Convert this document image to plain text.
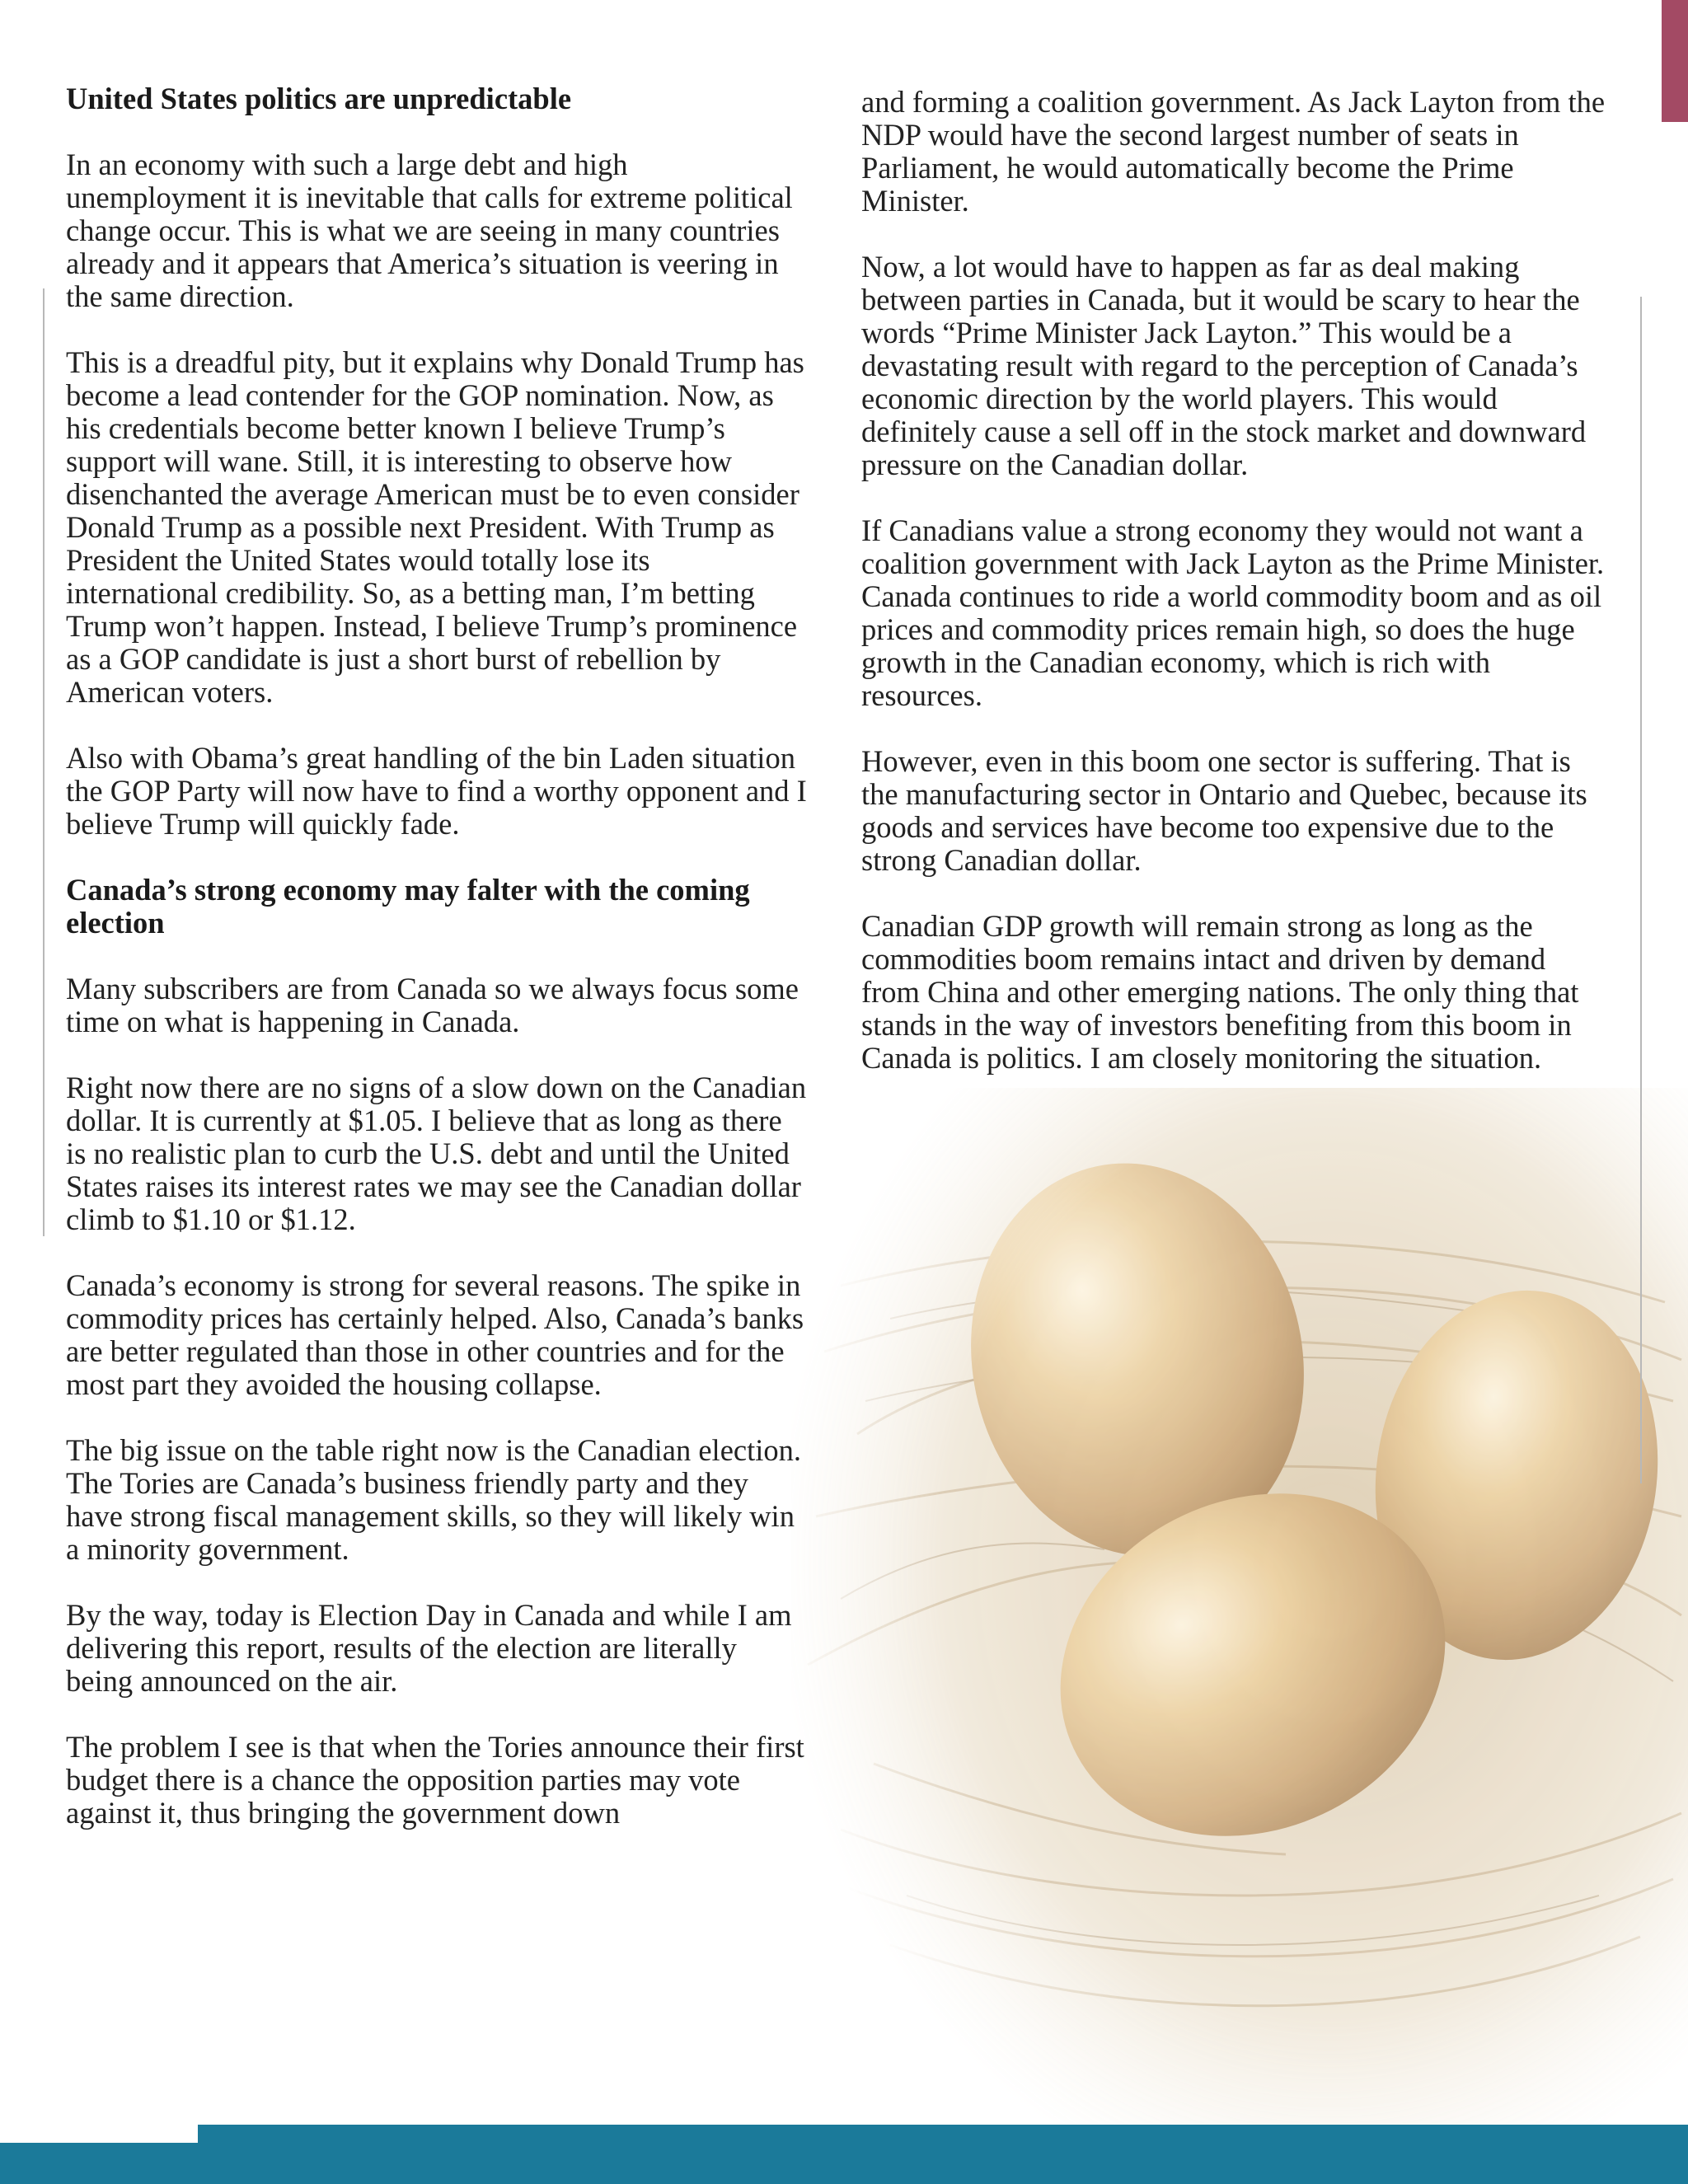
United States politics are unpredictable

In an economy with such a large debt and high unemployment it is inevitable that calls for extreme political change occur. This is what we are seeing in many countries already and it appears that America’s situation is veering in the same direction.

This is a dreadful pity, but it explains why Donald Trump has become a lead contender for the GOP nomination. Now, as his credentials become better known I believe Trump’s support will wane. Still, it is interesting to observe how disenchanted the average American must be to even consider Donald Trump as a possible next President. With Trump as President the United States would totally lose its international credibility. So, as a betting man, I’m betting Trump won’t happen. Instead, I believe Trump’s prominence as a GOP candidate is just a short burst of rebellion by American voters.

Also with Obama’s great handling of the bin Laden situation the GOP Party will now have to find a worthy opponent and I believe Trump will quickly fade.

Canada’s strong economy may falter with the coming election

Many subscribers are from Canada so we always focus some time on what is happening in Canada.

Right now there are no signs of a slow down on the Canadian dollar. It is currently at $1.05. I believe that as long as there is no realistic plan to curb the U.S. debt and until the United States raises its interest rates we may see the Canadian dollar climb to $1.10 or $1.12.

Canada’s economy is strong for several reasons. The spike in commodity prices has certainly helped. Also, Canada’s banks are better regulated than those in other countries and for the most part they avoided the housing collapse.

The big issue on the table right now is the Canadian election. The Tories are Canada’s business friendly party and they have strong fiscal management skills, so they will likely win a minority government.

By the way, today is Election Day in Canada and while I am delivering this report, results of the election are literally being announced on the air.

The problem I see is that when the Tories announce their first budget there is a chance the opposition parties may vote against it, thus bringing the government down

and forming a coalition government. As Jack Layton from the NDP would have the second largest number of seats in Parliament, he would automatically become the Prime Minister.

Now, a lot would have to happen as far as deal making between parties in Canada, but it would be scary to hear the words “Prime Minister Jack Layton.” This would be a devastating result with regard to the perception of Canada’s economic direction by the world players. This would definitely cause a sell off in the stock market and downward pressure on the Canadian dollar.

If Canadians value a strong economy they would not want a coalition government with Jack Layton as the Prime Minister. Canada continues to ride a world commodity boom and as oil prices and commodity prices remain high, so does the huge growth in the Canadian economy, which is rich with resources.

However, even in this boom one sector is suffering. That is the manufacturing sector in Ontario and Quebec, because its goods and services have become too expensive due to the strong Canadian dollar.

Canadian GDP growth will remain strong as long as the commodities boom remains intact and driven by demand from China and other emerging nations. The only thing that stands in the way of investors benefiting from this boom in Canada is politics. I am closely monitoring the situation.
